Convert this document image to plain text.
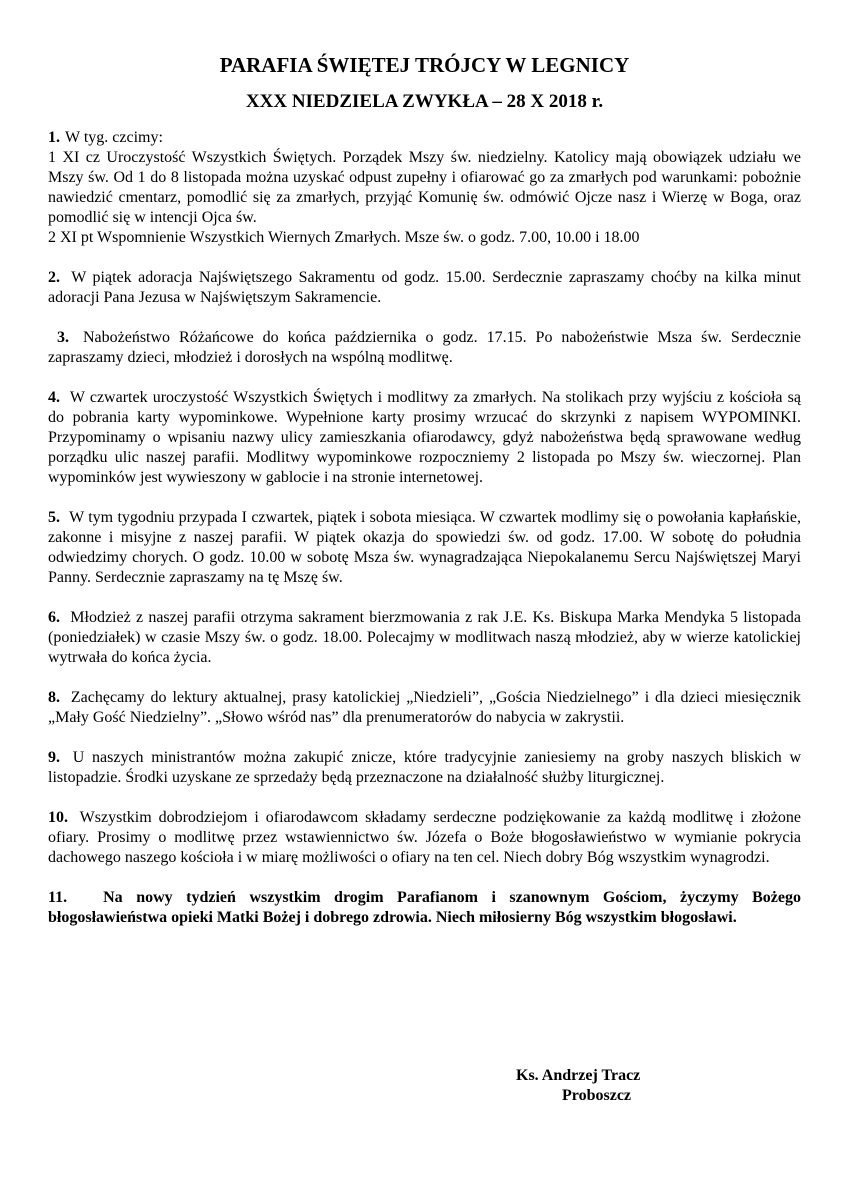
PARAFIA ŚWIĘTEJ TRÓJCY W LEGNICY
XXX NIEDZIELA ZWYKŁA – 28 X 2018 r.

1. W tyg. czcimy:

1 XI cz Uroczystość Wszystkich Świętych. Porządek Mszy św. niedzielny. Katolicy mają obowiązek udziału we Mszy św. Od 1 do 8 listopada można uzyskać odpust zupełny i ofiarować go za zmarłych pod warunkami: pobożnie nawiedzić cmentarz, pomodlić się za zmarłych, przyjąć Komunię św. odmówić Ojcze nasz i Wierzę w Boga, oraz pomodlić się w intencji Ojca św.

2 XI pt Wspomnienie Wszystkich Wiernych Zmarłych. Msze św. o godz. 7.00, 10.00 i 18.00

2. W piątek adoracja Najświętszego Sakramentu od godz. 15.00. Serdecznie zapraszamy choćby na kilka minut adoracji Pana Jezusa w Najświętszym Sakramencie.

3. Nabożeństwo Różańcowe do końca października o godz. 17.15. Po nabożeństwie Msza św. Serdecznie zapraszamy dzieci, młodzież i dorosłych na wspólną modlitwę.

4. W czwartek uroczystość Wszystkich Świętych i modlitwy za zmarłych. Na stolikach przy wyjściu z kościoła są do pobrania karty wypominkowe. Wypełnione karty prosimy wrzucać do skrzynki z napisem WYPOMINKI. Przypominamy o wpisaniu nazwy ulicy zamieszkania ofiarodawcy, gdyż nabożeństwa będą sprawowane według porządku ulic naszej parafii. Modlitwy wypominkowe rozpoczniemy 2 listopada po Mszy św. wieczornej. Plan wypominków jest wywieszony w gablocie i na stronie internetowej.

5. W tym tygodniu przypada I czwartek, piątek i sobota miesiąca. W czwartek modlimy się o powołania kapłańskie, zakonne i misyjne z naszej parafii. W piątek okazja do spowiedzi św. od godz. 17.00. W sobotę do południa odwiedzimy chorych. O godz. 10.00 w sobotę Msza św. wynagradzająca Niepokalanemu Sercu Najświętszej Maryi Panny. Serdecznie zapraszamy na tę Mszę św.

6. Młodzież z naszej parafii otrzyma sakrament bierzmowania z rak J.E. Ks. Biskupa Marka Mendyka 5 listopada (poniedziałek) w czasie Mszy św. o godz. 18.00. Polecajmy w modlitwach naszą młodzież, aby w wierze katolickiej wytrwała do końca życia.

8. Zachęcamy do lektury aktualnej, prasy katolickiej „Niedzieli”, „Gościa Niedzielnego” i dla dzieci miesięcznik „Mały Gość Niedzielny”. „Słowo wśród nas” dla prenumeratorów do nabycia w zakrystii.

9. U naszych ministrantów można zakupić znicze, które tradycyjnie zaniesiemy na groby naszych bliskich w listopadzie. Środki uzyskane ze sprzedaży będą przeznaczone na działalność służby liturgicznej.

10. Wszystkim dobrodziejom i ofiarodawcom składamy serdeczne podziękowanie za każdą modlitwę i złożone ofiary. Prosimy o modlitwę przez wstawiennictwo św. Józefa o Boże błogosławieństwo w wymianie pokrycia dachowego naszego kościoła i w miarę możliwości o ofiary na ten cel. Niech dobry Bóg wszystkim wynagrodzi.

11. Na nowy tydzień wszystkim drogim Parafianom i szanownym Gościom, życzymy Bożego błogosławieństwa opieki Matki Bożej i dobrego zdrowia. Niech miłosierny Bóg wszystkim błogosławi.

Ks. Andrzej Tracz
Proboszcz
